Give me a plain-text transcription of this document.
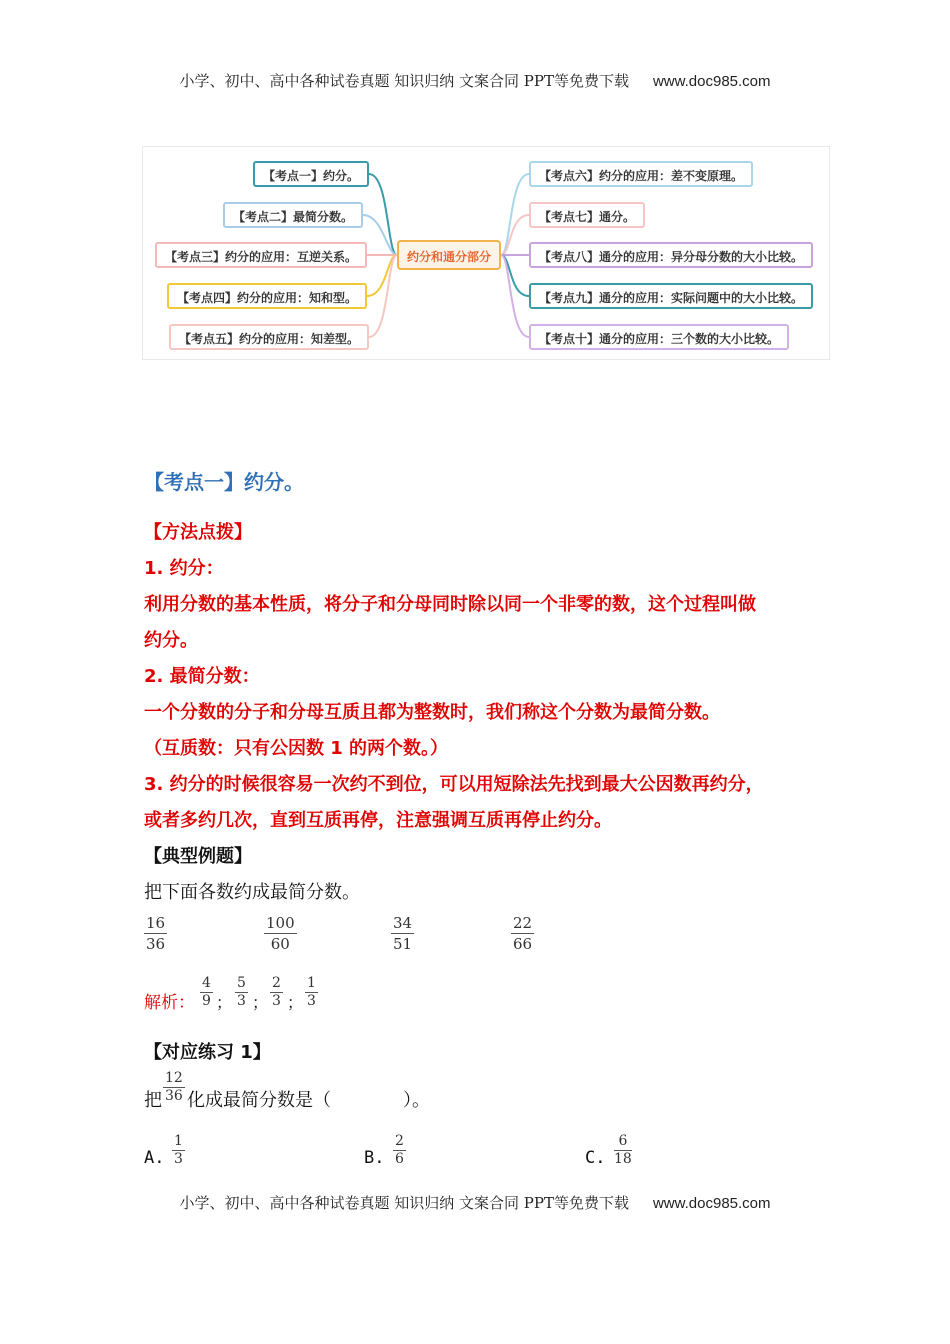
小学、初中、高中各种试卷真题 知识归纳 文案合同 PPT等免费下载 www.doc985.com
【考点一】约分。
【考点二】最简分数。
【考点三】约分的应用：互逆关系。
【考点四】约分的应用：知和型。
【考点五】约分的应用：知差型。
约分和通分部分
【考点六】约分的应用：差不变原理。
【考点七】通分。
【考点八】通分的应用：异分母分数的大小比较。
【考点九】通分的应用：实际问题中的大小比较。
【考点十】通分的应用：三个数的大小比较。
【考点一】约分。
【方法点拨】
1. 约分：
利用分数的基本性质，将分子和分母同时除以同一个非零的数，这个过程叫做
约分。
2. 最简分数：
一个分数的分子和分母互质且都为整数时，我们称这个分数为最简分数。
（互质数：只有公因数 1 的两个数。）
3. 约分的时候很容易一次约不到位，可以用短除法先找到最大公因数再约分，
或者多约几次，直到互质再停，注意强调互质再停止约分。
【典型例题】
把下面各数约成最简分数。
$\frac{16}{36}$	$\frac{100}{60}$	$\frac{34}{51}$	$\frac{22}{66}$
解析： $\frac{4}{9}$ ； $\frac{5}{3}$ ； $\frac{2}{3}$ ； $\frac{1}{3}$
【对应练习 1】
把 $\frac{12}{36}$ 化成最简分数是（　　　　）。
A. $\frac{1}{3}$	B. $\frac{2}{6}$	C. $\frac{6}{18}$
小学、初中、高中各种试卷真题 知识归纳 文案合同 PPT等免费下载 www.doc985.com
